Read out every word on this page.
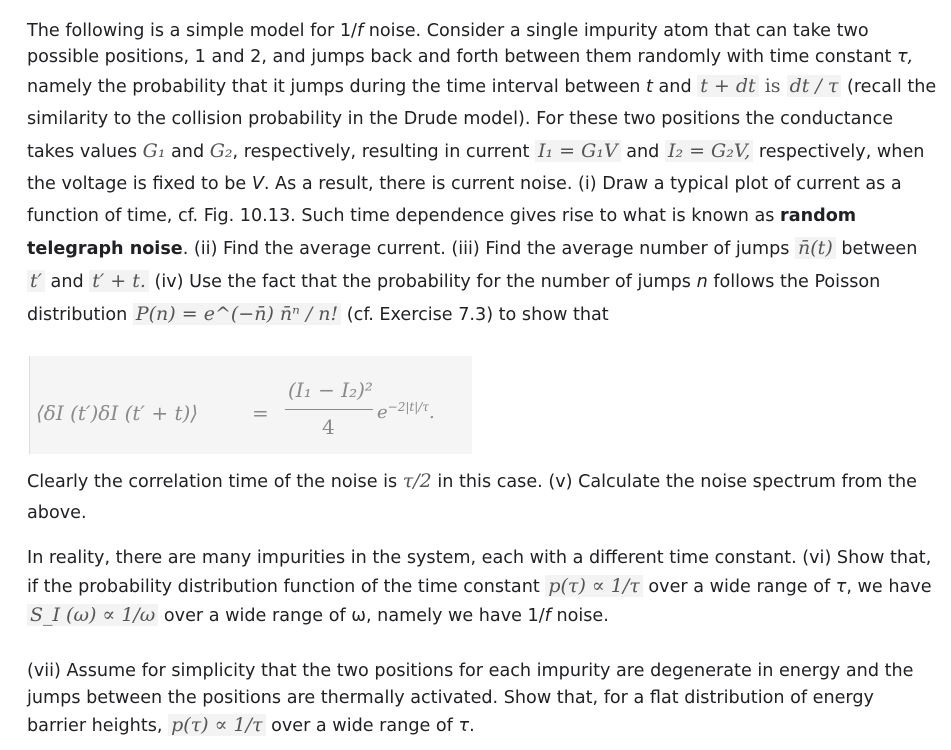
The following is a simple model for 1/f noise. Consider a single impurity atom that can take two possible positions, 1 and 2, and jumps back and forth between them randomly with time constant τ,

namely the probability that it jumps during the time interval between t and t + dt is dt / τ (recall the similarity to the collision probability in the Drude model). For these two positions the conductance takes values G₁ and G₂, respectively, resulting in current I₁ = G₁V and I₂ = G₂V, respectively, when the voltage is fixed to be V. As a result, there is current noise. (i) Draw a typical plot of current as a function of time, cf. Fig. 10.13. Such time dependence gives rise to what is known as random telegraph noise. (ii) Find the average current. (iii) Find the average number of jumps n̄(t) between t′ and t′ + t. (iv) Use the fact that the probability for the number of jumps n follows the Poisson distribution P(n) = e^(−n̄) n̄ⁿ / n! (cf. Exercise 7.3) to show that

⟨δI (t′)δI (t′ + t)⟩	=
(I₁ − I₂)²
4
$e^{-2|t|/\tau}$.

Clearly the correlation time of the noise is τ/2 in this case. (v) Calculate the noise spectrum from the above.

In reality, there are many impurities in the system, each with a different time constant. (vi) Show that, if the probability distribution function of the time constant p(τ) ∝ 1/τ over a wide range of τ, we have S_I (ω) ∝ 1/ω over a wide range of ω, namely we have 1/f noise.

(vii) Assume for simplicity that the two positions for each impurity are degenerate in energy and the jumps between the positions are thermally activated. Show that, for a flat distribution of energy barrier heights, p(τ) ∝ 1/τ over a wide range of τ.
